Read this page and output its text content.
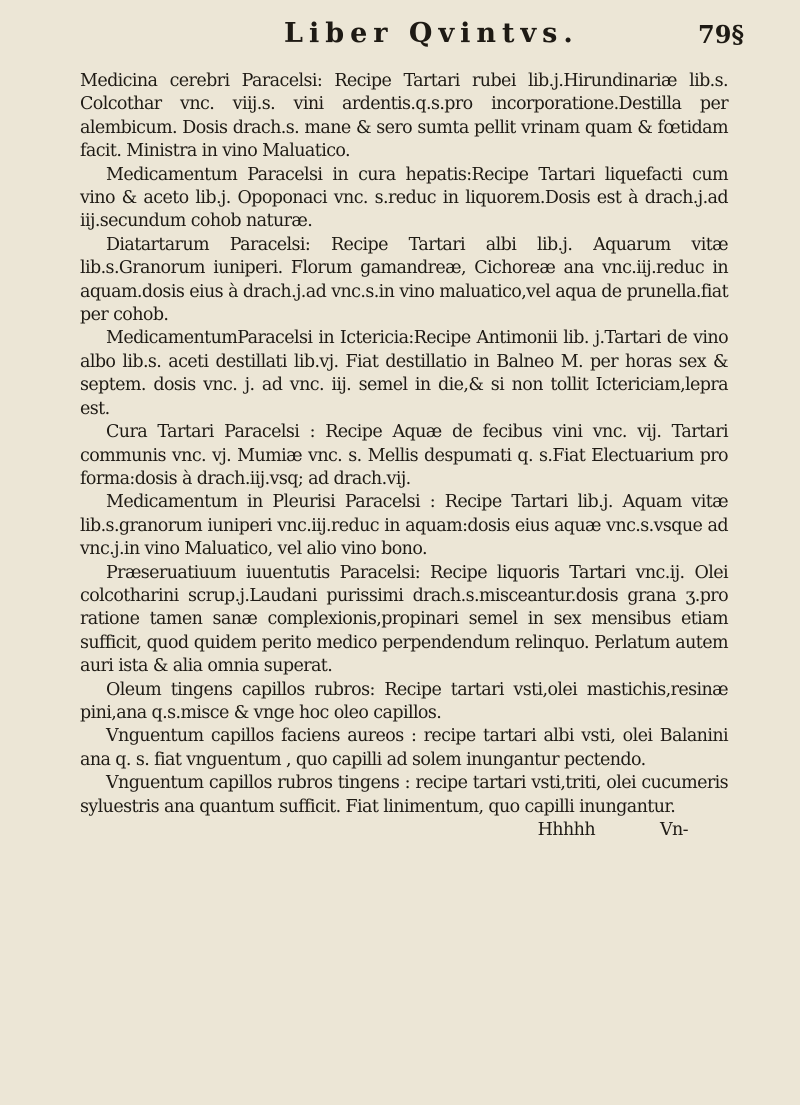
Liber Qvintvs.	79§

Medicina cerebri Paracelsi: Recipe Tartari rubei lib.j.Hirundinariæ lib.s. Colcothar vnc. viij.s. vini ardentis.q.s.pro incorporatione.Destilla per alembicum. Dosis drach.s. mane & sero sumta pellit vrinam quam & fœtidam facit. Ministra in vino Maluatico.

Medicamentum Paracelsi in cura hepatis:Recipe Tartari liquefacti cum vino & aceto lib.j. Opoponaci vnc. s.reduc in liquorem.Dosis est à drach.j.ad iij.secundum cohob naturæ.

Diatartarum Paracelsi: Recipe Tartari albi lib.j. Aquarum vitæ lib.s.Granorum iuniperi. Florum gamandreæ, Cichoreæ ana vnc.iij.reduc in aquam.dosis eius à drach.j.ad vnc.s.in vino maluatico,vel aqua de prunella.fiat per cohob.

MedicamentumParacelsi in Ictericia:Recipe Antimonii lib. j.Tartari de vino albo lib.s. aceti destillati lib.vj. Fiat destillatio in Balneo M. per horas sex & septem. dosis vnc. j. ad vnc. iij. semel in die,& si non tollit Ictericiam,lepra est.

Cura Tartari Paracelsi : Recipe Aquæ de fecibus vini vnc. vij. Tartari communis vnc. vj. Mumiæ vnc. s. Mellis despumati q. s.Fiat Electuarium pro forma:dosis à drach.iij.vsq; ad drach.vij.

Medicamentum in Pleurisi Paracelsi : Recipe Tartari lib.j. Aquam vitæ lib.s.granorum iuniperi vnc.iij.reduc in aquam:dosis eius aquæ vnc.s.vsque ad vnc.j.in vino Maluatico, vel alio vino bono.

Præseruatiuum iuuentutis Paracelsi: Recipe liquoris Tartari vnc.ij. Olei colcotharini scrup.j.Laudani purissimi drach.s.misceantur.dosis grana ʒ.pro ratione tamen sanæ complexionis,propinari semel in sex mensibus etiam sufficit, quod quidem perito medico perpendendum relinquo. Perlatum autem auri ista & alia omnia superat.

Oleum tingens capillos rubros: Recipe tartari vsti,olei mastichis,resinæ pini,ana q.s.misce & vnge hoc oleo capillos.

Vnguentum capillos faciens aureos : recipe tartari albi vsti, olei Balanini ana q. s. fiat vnguentum , quo capilli ad solem inungantur pectendo.

Vnguentum capillos rubros tingens : recipe tartari vsti,triti, olei cucumeris syluestris ana quantum sufficit. Fiat linimentum, quo capilli inungantur.

Hhhhh	Vn-
